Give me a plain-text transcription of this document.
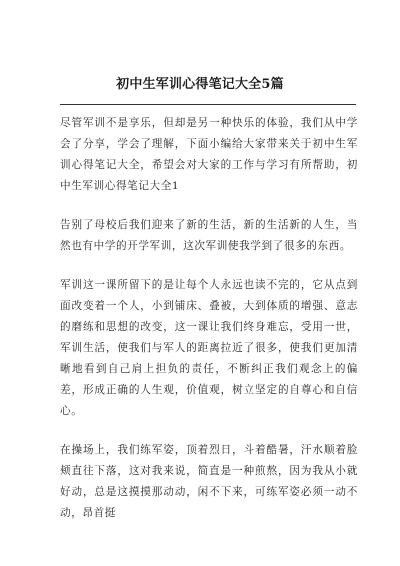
初中生军训心得笔记大全5篇

尽管军训不是享乐，但却是另一种快乐的体验，我们从中学会了分享，学会了理解，下面小编给大家带来关于初中生军训心得笔记大全，希望会对大家的工作与学习有所帮助，初中生军训心得笔记大全1

告别了母校后我们迎来了新的生活，新的生活新的人生，当然也有中学的开学军训，这次军训使我学到了很多的东西。

军训这一课所留下的是让每个人永远也读不完的，它从点到面改变着一个人，小到铺床、叠被，大到体质的增强、意志的磨练和思想的改变，这一课让我们终身难忘，受用一世，军训生活，使我们与军人的距离拉近了很多，使我们更加清晰地看到自己肩上担负的责任，不断纠正我们观念上的偏差，形成正确的人生观，价值观，树立坚定的自尊心和自信心。

在操场上，我们练军姿，顶着烈日，斗着酷暑，汗水顺着脸颊直往下落，这对我来说，简直是一种煎熬，因为我从小就好动，总是这摸摸那动动，闲不下来，可练军姿必须一动不动，昂首挺
